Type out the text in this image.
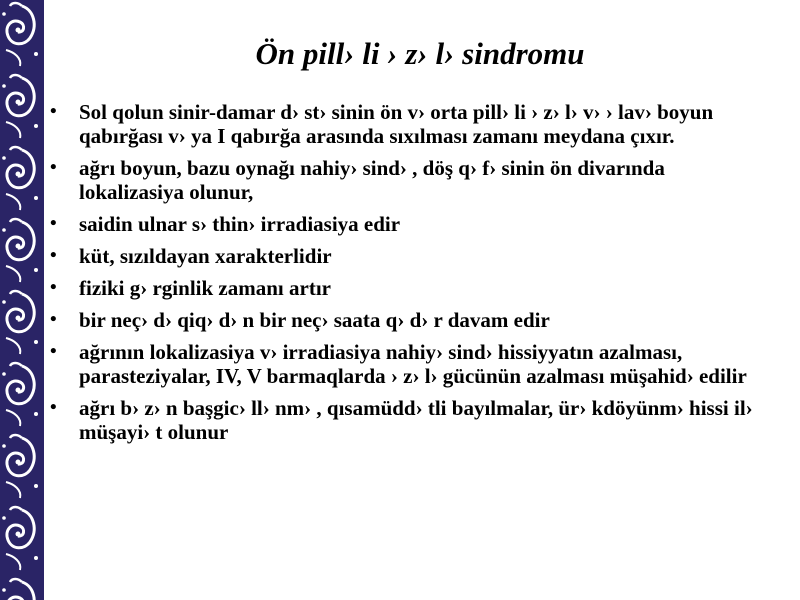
Ön pill› li › z› l› sindromu
• Sol qolun sinir-damar d› st› sinin ön v› orta pill› li › z› l› v› › lav› boyun qabırğası v› ya I qabırğa arasında sıxılması zamanı meydana çıxır.
• ağrı boyun, bazu oynağı nahiy› sind› , döş q› f› sinin ön divarında lokalizasiya olunur,
• saidin ulnar s› thin› irradiasiya edir
• küt, sızıldayan xarakterlidir
• fiziki g› rginlik zamanı artır
• bir neç› d› qiq› d› n bir neç› saata q› d› r davam edir
• ağrının lokalizasiya v› irradiasiya nahiy› sind› hissiyyatın azalması, parasteziyalar, IV, V barmaqlarda › z› l› gücünün azalması müşahid› edilir
• ağrı b› z› n başgic› ll› nm› , qısamüdd› tli bayılmalar, ür› kdöyünm› hissi il› müşayi› t olunur
